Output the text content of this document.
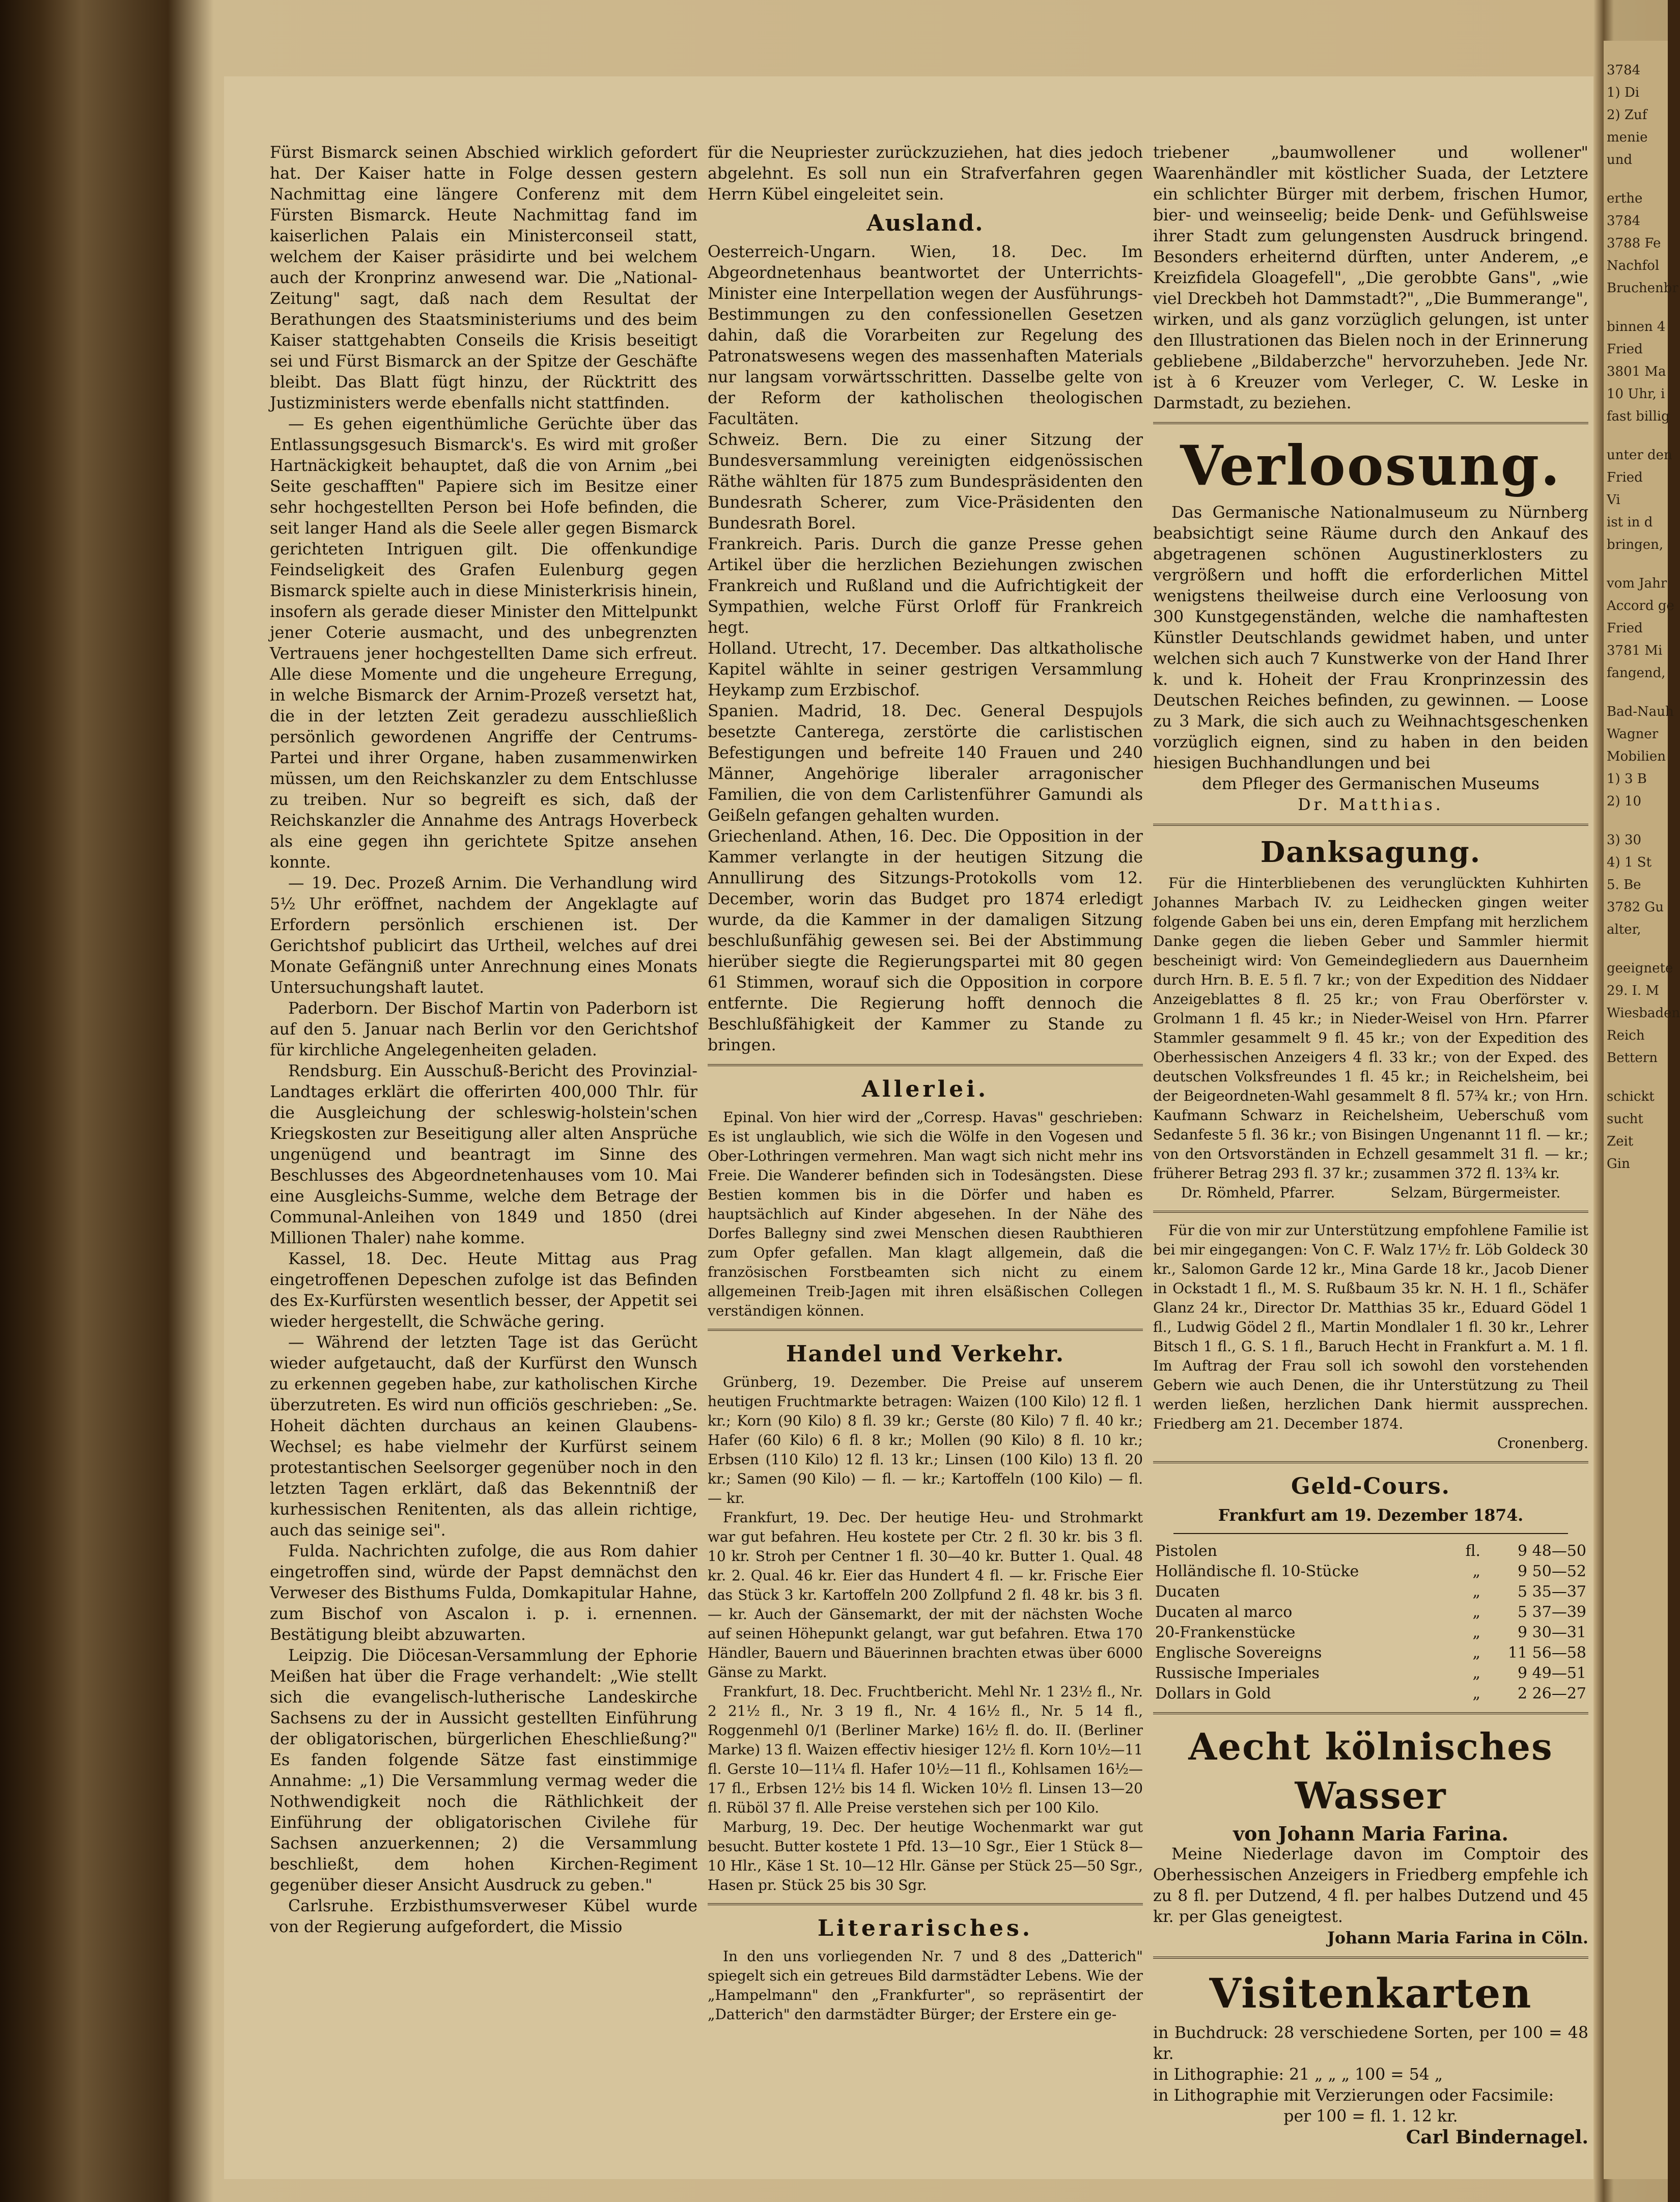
Fürst Bismarck seinen Abschied wirklich gefordert hat. Der Kaiser hatte in Folge dessen gestern Nachmittag eine längere Conferenz mit dem Fürsten Bismarck. Heute Nachmittag fand im kaiserlichen Palais ein Ministerconseil statt, welchem der Kaiser präsidirte und bei welchem auch der Kronprinz anwesend war. Die „National-Zeitung" sagt, daß nach dem Resultat der Berathungen des Staatsministeriums und des beim Kaiser stattgehabten Conseils die Krisis beseitigt sei und Fürst Bismarck an der Spitze der Geschäfte bleibt. Das Blatt fügt hinzu, der Rücktritt des Justizministers werde ebenfalls nicht stattfinden.

— Es gehen eigenthümliche Gerüchte über das Entlassungsgesuch Bismarck's. Es wird mit großer Hartnäckigkeit behauptet, daß die von Arnim „bei Seite geschafften" Papiere sich im Besitze einer sehr hochgestellten Person bei Hofe befinden, die seit langer Hand als die Seele aller gegen Bismarck gerichteten Intriguen gilt. Die offenkundige Feindseligkeit des Grafen Eulenburg gegen Bismarck spielte auch in diese Ministerkrisis hinein, insofern als gerade dieser Minister den Mittelpunkt jener Coterie ausmacht, und des unbegrenzten Vertrauens jener hochgestellten Dame sich erfreut. Alle diese Momente und die ungeheure Erregung, in welche Bismarck der Arnim-Prozeß versetzt hat, die in der letzten Zeit geradezu ausschließlich persönlich gewordenen Angriffe der Centrums-Partei und ihrer Organe, haben zusammenwirken müssen, um den Reichskanzler zu dem Entschlusse zu treiben. Nur so begreift es sich, daß der Reichskanzler die Annahme des Antrags Hoverbeck als eine gegen ihn gerichtete Spitze ansehen konnte.

— 19. Dec. Prozeß Arnim. Die Verhandlung wird 5½ Uhr eröffnet, nachdem der Angeklagte auf Erfordern persönlich erschienen ist. Der Gerichtshof publicirt das Urtheil, welches auf drei Monate Gefängniß unter Anrechnung eines Monats Untersuchungshaft lautet.

Paderborn. Der Bischof Martin von Paderborn ist auf den 5. Januar nach Berlin vor den Gerichtshof für kirchliche Angelegenheiten geladen.

Rendsburg. Ein Ausschuß-Bericht des Provinzial-Landtages erklärt die offerirten 400,000 Thlr. für die Ausgleichung der schleswig-holstein'schen Kriegskosten zur Beseitigung aller alten Ansprüche ungenügend und beantragt im Sinne des Beschlusses des Abgeordnetenhauses vom 10. Mai eine Ausgleichs-Summe, welche dem Betrage der Communal-Anleihen von 1849 und 1850 (drei Millionen Thaler) nahe komme.

Kassel, 18. Dec. Heute Mittag aus Prag eingetroffenen Depeschen zufolge ist das Befinden des Ex-Kurfürsten wesentlich besser, der Appetit sei wieder hergestellt, die Schwäche gering.

— Während der letzten Tage ist das Gerücht wieder aufgetaucht, daß der Kurfürst den Wunsch zu erkennen gegeben habe, zur katholischen Kirche überzutreten. Es wird nun officiös geschrieben: „Se. Hoheit dächten durchaus an keinen Glaubens-Wechsel; es habe vielmehr der Kurfürst seinem protestantischen Seelsorger gegenüber noch in den letzten Tagen erklärt, daß das Bekenntniß der kurhessischen Renitenten, als das allein richtige, auch das seinige sei".

Fulda. Nachrichten zufolge, die aus Rom dahier eingetroffen sind, würde der Papst demnächst den Verweser des Bisthums Fulda, Domkapitular Hahne, zum Bischof von Ascalon i. p. i. ernennen. Bestätigung bleibt abzuwarten.

Leipzig. Die Diöcesan-Versammlung der Ephorie Meißen hat über die Frage verhandelt: „Wie stellt sich die evangelisch-lutherische Landeskirche Sachsens zu der in Aussicht gestellten Einführung der obligatorischen, bürgerlichen Eheschließung?" Es fanden folgende Sätze fast einstimmige Annahme: „1) Die Versammlung vermag weder die Nothwendigkeit noch die Räthlichkeit der Einführung der obligatorischen Civilehe für Sachsen anzuerkennen; 2) die Versammlung beschließt, dem hohen Kirchen-Regiment gegenüber dieser Ansicht Ausdruck zu geben."

Carlsruhe. Erzbisthumsverweser Kübel wurde von der Regierung aufgefordert, die Missio

für die Neupriester zurückzuziehen, hat dies jedoch abgelehnt. Es soll nun ein Strafverfahren gegen Herrn Kübel eingeleitet sein.

Ausland.

Oesterreich-Ungarn. Wien, 18. Dec. Im Abgeordnetenhaus beantwortet der Unterrichts-Minister eine Interpellation wegen der Ausführungs-Bestimmungen zu den confessionellen Gesetzen dahin, daß die Vorarbeiten zur Regelung des Patronatswesens wegen des massenhaften Materials nur langsam vorwärtsschritten. Dasselbe gelte von der Reform der katholischen theologischen Facultäten.

Schweiz. Bern. Die zu einer Sitzung der Bundesversammlung vereinigten eidgenössischen Räthe wählten für 1875 zum Bundespräsidenten den Bundesrath Scherer, zum Vice-Präsidenten den Bundesrath Borel.

Frankreich. Paris. Durch die ganze Presse gehen Artikel über die herzlichen Beziehungen zwischen Frankreich und Rußland und die Aufrichtigkeit der Sympathien, welche Fürst Orloff für Frankreich hegt.

Holland. Utrecht, 17. December. Das altkatholische Kapitel wählte in seiner gestrigen Versammlung Heykamp zum Erzbischof.

Spanien. Madrid, 18. Dec. General Despujols besetzte Canterega, zerstörte die carlistischen Befestigungen und befreite 140 Frauen und 240 Männer, Angehörige liberaler arragonischer Familien, die von dem Carlistenführer Gamundi als Geißeln gefangen gehalten wurden.

Griechenland. Athen, 16. Dec. Die Opposition in der Kammer verlangte in der heutigen Sitzung die Annullirung des Sitzungs-Protokolls vom 12. December, worin das Budget pro 1874 erledigt wurde, da die Kammer in der damaligen Sitzung beschlußunfähig gewesen sei. Bei der Abstimmung hierüber siegte die Regierungspartei mit 80 gegen 61 Stimmen, worauf sich die Opposition in corpore entfernte. Die Regierung hofft dennoch die Beschlußfähigkeit der Kammer zu Stande zu bringen.

Allerlei.

Epinal. Von hier wird der „Corresp. Havas" geschrieben: Es ist unglaublich, wie sich die Wölfe in den Vogesen und Ober-Lothringen vermehren. Man wagt sich nicht mehr ins Freie. Die Wanderer befinden sich in Todesängsten. Diese Bestien kommen bis in die Dörfer und haben es hauptsächlich auf Kinder abgesehen. In der Nähe des Dorfes Ballegny sind zwei Menschen diesen Raubthieren zum Opfer gefallen. Man klagt allgemein, daß die französischen Forstbeamten sich nicht zu einem allgemeinen Treib-Jagen mit ihren elsäßischen Collegen verständigen können.

Handel und Verkehr.

Grünberg, 19. Dezember. Die Preise auf unserem heutigen Fruchtmarkte betragen: Waizen (100 Kilo) 12 fl. 1 kr.; Korn (90 Kilo) 8 fl. 39 kr.; Gerste (80 Kilo) 7 fl. 40 kr.; Hafer (60 Kilo) 6 fl. 8 kr.; Mollen (90 Kilo) 8 fl. 10 kr.; Erbsen (110 Kilo) 12 fl. 13 kr.; Linsen (100 Kilo) 13 fl. 20 kr.; Samen (90 Kilo) — fl. — kr.; Kartoffeln (100 Kilo) — fl. — kr.

Frankfurt, 19. Dec. Der heutige Heu- und Strohmarkt war gut befahren. Heu kostete per Ctr. 2 fl. 30 kr. bis 3 fl. 10 kr. Stroh per Centner 1 fl. 30—40 kr. Butter 1. Qual. 48 kr. 2. Qual. 46 kr. Eier das Hundert 4 fl. — kr. Frische Eier das Stück 3 kr. Kartoffeln 200 Zollpfund 2 fl. 48 kr. bis 3 fl. — kr. Auch der Gänsemarkt, der mit der nächsten Woche auf seinen Höhepunkt gelangt, war gut befahren. Etwa 170 Händler, Bauern und Bäuerinnen brachten etwas über 6000 Gänse zu Markt.

Frankfurt, 18. Dec. Fruchtbericht. Mehl Nr. 1 23½ fl., Nr. 2 21½ fl., Nr. 3 19 fl., Nr. 4 16½ fl., Nr. 5 14 fl., Roggenmehl 0/1 (Berliner Marke) 16½ fl. do. II. (Berliner Marke) 13 fl. Waizen effectiv hiesiger 12½ fl. Korn 10½—11 fl. Gerste 10—11¼ fl. Hafer 10½—11 fl., Kohlsamen 16½—17 fl., Erbsen 12½ bis 14 fl. Wicken 10½ fl. Linsen 13—20 fl. Rüböl 37 fl. Alle Preise verstehen sich per 100 Kilo.

Marburg, 19. Dec. Der heutige Wochenmarkt war gut besucht. Butter kostete 1 Pfd. 13—10 Sgr., Eier 1 Stück 8—10 Hlr., Käse 1 St. 10—12 Hlr. Gänse per Stück 25—50 Sgr., Hasen pr. Stück 25 bis 30 Sgr.

Literarisches.

In den uns vorliegenden Nr. 7 und 8 des „Datterich" spiegelt sich ein getreues Bild darmstädter Lebens. Wie der „Hampelmann" den „Frankfurter", so repräsentirt der „Datterich" den darmstädter Bürger; der Erstere ein ge-

triebener „baumwollener und wollener" Waarenhändler mit köstlicher Suada, der Letztere ein schlichter Bürger mit derbem, frischen Humor, bier- und weinseelig; beide Denk- und Gefühlsweise ihrer Stadt zum gelungensten Ausdruck bringend. Besonders erheiternd dürften, unter Anderem, „e Kreizfidela Gloagefell", „Die gerobbte Gans", „wie viel Dreckbeh hot Dammstadt?", „Die Bummerange", wirken, und als ganz vorzüglich gelungen, ist unter den Illustrationen das Bielen noch in der Erinnerung gebliebene „Bildaberzche" hervorzuheben. Jede Nr. ist à 6 Kreuzer vom Verleger, C. W. Leske in Darmstadt, zu beziehen.

Verloosung.

Das Germanische Nationalmuseum zu Nürnberg beabsichtigt seine Räume durch den Ankauf des abgetragenen schönen Augustinerklosters zu vergrößern und hofft die erforderlichen Mittel wenigstens theilweise durch eine Verloosung von 300 Kunstgegenständen, welche die namhaftesten Künstler Deutschlands gewidmet haben, und unter welchen sich auch 7 Kunstwerke von der Hand Ihrer k. und k. Hoheit der Frau Kronprinzessin des Deutschen Reiches befinden, zu gewinnen. — Loose zu 3 Mark, die sich auch zu Weihnachtsgeschenken vorzüglich eignen, sind zu haben in den beiden hiesigen Buchhandlungen und bei

dem Pfleger des Germanischen Museums
Dr. Matthias.
Danksagung.

Für die Hinterbliebenen des verunglückten Kuhhirten Johannes Marbach IV. zu Leidhecken gingen weiter folgende Gaben bei uns ein, deren Empfang mit herzlichem Danke gegen die lieben Geber und Sammler hiermit bescheinigt wird: Von Gemeindegliedern aus Dauernheim durch Hrn. B. E. 5 fl. 7 kr.; von der Expedition des Niddaer Anzeigeblattes 8 fl. 25 kr.; von Frau Oberförster v. Grolmann 1 fl. 45 kr.; in Nieder-Weisel von Hrn. Pfarrer Stammler gesammelt 9 fl. 45 kr.; von der Expedition des Oberhessischen Anzeigers 4 fl. 33 kr.; von der Exped. des deutschen Volksfreundes 1 fl. 45 kr.; in Reichelsheim, bei der Beigeordneten-Wahl gesammelt 8 fl. 57¾ kr.; von Hrn. Kaufmann Schwarz in Reichelsheim, Ueberschuß vom Sedanfeste 5 fl. 36 kr.; von Bisingen Ungenannt 11 fl. — kr.; von den Ortsvorständen in Echzell gesammelt 31 fl. — kr.; früherer Betrag 293 fl. 37 kr.; zusammen 372 fl. 13¾ kr.

Dr. Römheld, Pfarrer.	Selzam, Bürgermeister.

Für die von mir zur Unterstützung empfohlene Familie ist bei mir eingegangen: Von C. F. Walz 17½ fr. Löb Goldeck 30 kr., Salomon Garde 12 kr., Mina Garde 18 kr., Jacob Diener in Ockstadt 1 fl., M. S. Rußbaum 35 kr. N. H. 1 fl., Schäfer Glanz 24 kr., Director Dr. Matthias 35 kr., Eduard Gödel 1 fl., Ludwig Gödel 2 fl., Martin Mondlaler 1 fl. 30 kr., Lehrer Bitsch 1 fl., G. S. 1 fl., Baruch Hecht in Frankfurt a. M. 1 fl. Im Auftrag der Frau soll ich sowohl den vorstehenden Gebern wie auch Denen, die ihr Unterstützung zu Theil werden ließen, herzlichen Dank hiermit aussprechen. Friedberg am 21. December 1874.

Cronenberg.
Geld-Cours.
Frankfurt am 19. Dezember 1874.
Pistolen	fl.	9 48—50
Holländische fl. 10-Stücke	„	9 50—52
Ducaten	„	5 35—37
Ducaten al marco	„	5 37—39
20-Frankenstücke	„	9 30—31
Englische Sovereigns	„	11 56—58
Russische Imperiales	„	9 49—51
Dollars in Gold	„	2 26—27
Aecht kölnisches Wasser
von Johann Maria Farina.

Meine Niederlage davon im Comptoir des Oberhessischen Anzeigers in Friedberg empfehle ich zu 8 fl. per Dutzend, 4 fl. per halbes Dutzend und 45 kr. per Glas geneigtest.

Johann Maria Farina in Cöln.
Visitenkarten
in Buchdruck: 28 verschiedene Sorten, per 100 = 48 kr.
in Lithographie: 21 „ „ „ 100 = 54 „
in Lithographie mit Verzierungen oder Facsimile:
per 100 = fl. 1. 12 kr.
Carl Bindernagel.
3784
1) Di
2) Zuf
menie
und
erthe
3784
3788 Fe
Nachfol
Bruchenbr
binnen 4
Fried
3801 Ma
10 Uhr, i
fast billig
unter den
Fried
Vi
ist in d
bringen,
vom Jahr
Accord ge
Fried
3781 Mi
fangend,
Bad-Nauh
Wagner
Mobilien
1) 3 B
2) 10
3) 30
4) 1 St
5. Be
3782 Gu
alter,
geeignete
29. I. M
Wiesbaden
Reich
Bettern
schickt
sucht
Zeit
Gin
